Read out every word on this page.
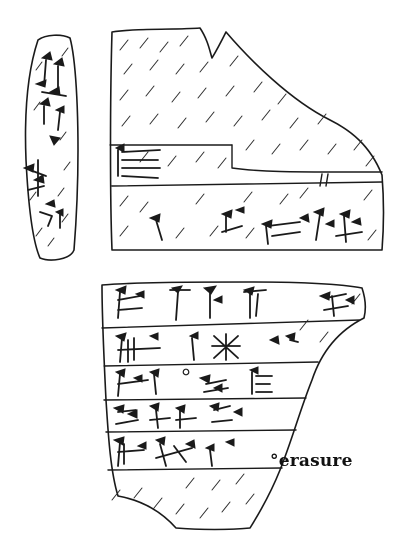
°erasure
